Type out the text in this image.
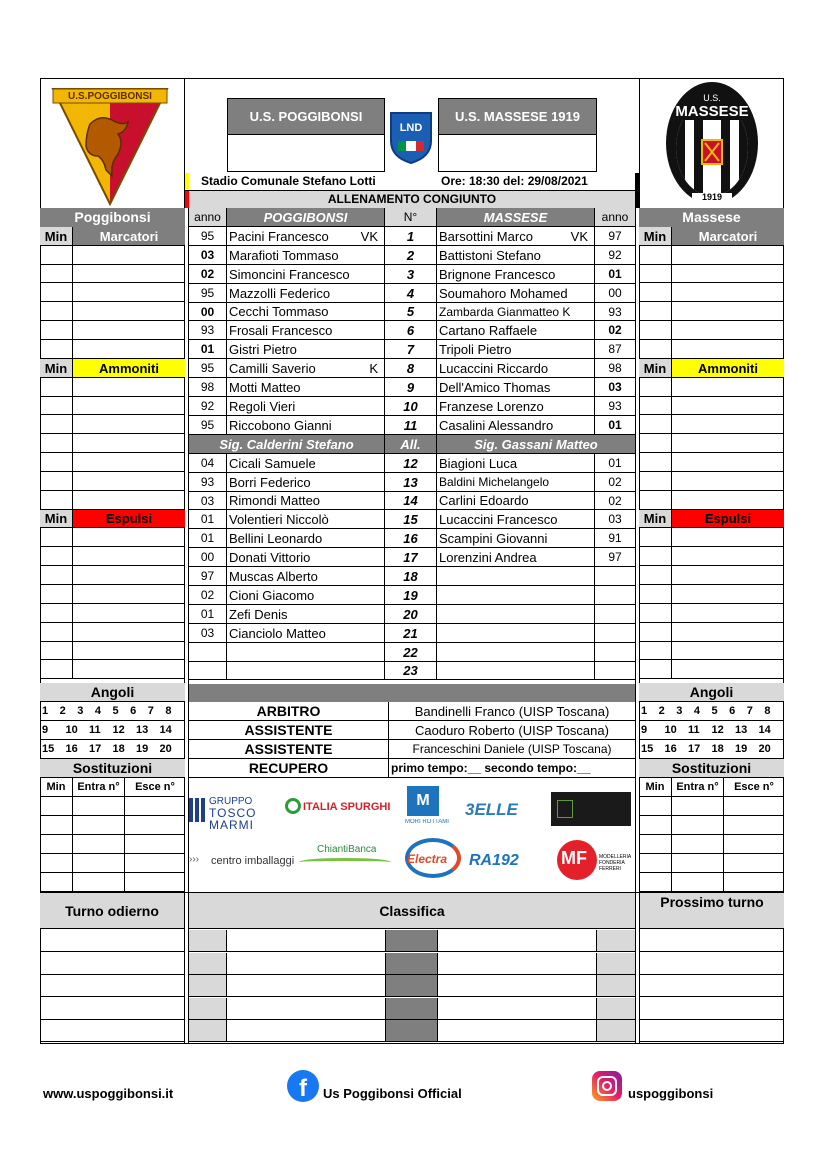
U.S.POGGIBONSI	U.S.
MASSESE
1919
U.S. POGGIBONSI	U.S. MASSESE 1919
LND
Stadio Comunale Stefano Lotti	Ore: 18:30 del: 29/08/2021
ALLENAMENTO CONGIUNTO
Poggibonsi
Min	Marcatori
Min	Ammoniti
Min	Espulsi
Angoli
1	2	3	4	5	6	7	8
9	10	11	12	13	14
15	16	17	18	19	20
Sostituzioni
Min	Entra n°	Esce n°
Massese
Min	Marcatori
Min	Ammoniti
Min	Espulsi
Angoli
1	2	3	4	5	6	7	8
9	10	11	12	13	14
15	16	17	18	19	20
Sostituzioni
Min	Entra n°	Esce n°
anno	POGGIBONSI	N°	MASSESE	anno
95	Pacini Francesco VK	1	Barsottini Marco	VK	97
03	Marafioti Tommaso	2	Battistoni Stefano	92
02	Simoncini Francesco	3	Brignone Francesco	01
95	Mazzolli Federico	4	Soumahoro Mohamed	00
00	Cecchi Tommaso	5	Zambarda Gianmatteo K	93
93	Frosali Francesco	6	Cartano Raffaele	02
01	Gistri Pietro	7	Tripoli Pietro	87
95	Camilli Saverio	K	8	Lucaccini Riccardo	98
98	Motti Matteo	9	Dell'Amico Thomas	03
92	Regoli Vieri	10	Franzese Lorenzo	93
95	Riccobono Gianni	11	Casalini Alessandro	01
Sig. Calderini Stefano	All.	Sig. Gassani Matteo
04	Cicali Samuele	12	Biagioni Luca	01
93	Borri Federico	13	Baldini Michelangelo	02
03	Rimondi Matteo	14	Carlini Edoardo	02
01	Volentieri Niccolò	15	Lucaccini Francesco	03
01	Bellini Leonardo	16	Scampini Giovanni	91
00	Donati Vittorio	17	Lorenzini Andrea	97
97	Muscas Alberto	18
02	Cioni Giacomo	19
01	Zefi Denis	20
03	Cianciolo Matteo	21
22
23
ARBITRO	Bandinelli Franco (UISP Toscana)
ASSISTENTE	Caoduro Roberto (UISP Toscana)
ASSISTENTE	Franceschini Daniele (UISP Toscana)
RECUPERO	primo tempo:__ secondo tempo:__
GRUPPO
TOSCO
MARMI
ITALIA SPURGHI	M
MORI ROTTAMI
3ELLE
››› centro imballaggi
ChiantiBanca
Electra RA192 MF MODELLERIA FONDERIA FERRERI
Turno odierno	Classifica
Prossimo turno
www.uspoggibonsi.it	f	Us Poggibonsi Official	uspoggibonsi
